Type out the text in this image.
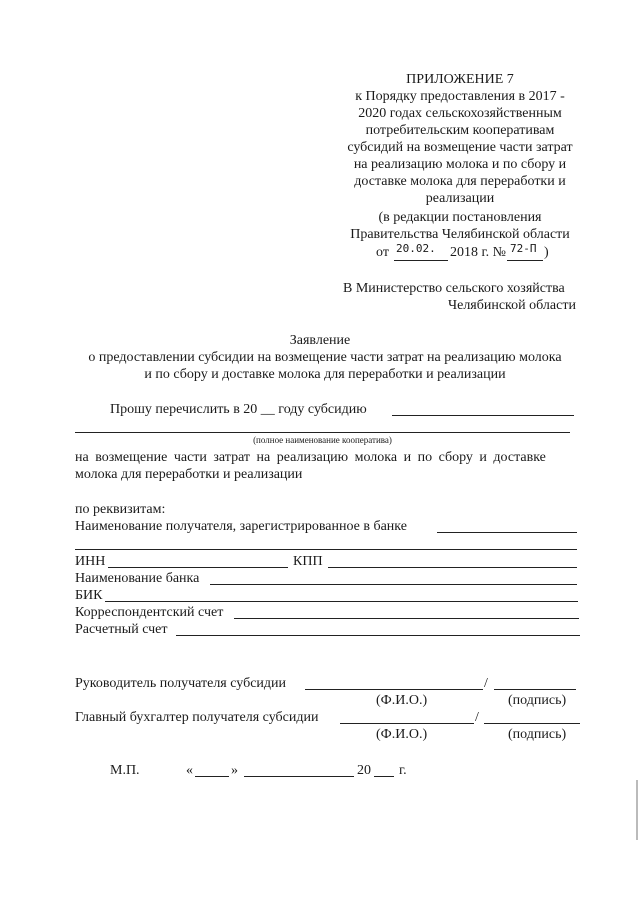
ПРИЛОЖЕНИЕ 7
к Порядку предоставления в 2017 -
2020 годах сельскохозяйственным
потребительским кооперативам
субсидий на возмещение части затрат
на реализацию молока и по сбору и
доставке молока для переработки и
реализации
(в редакции постановления
Правительства Челябинской области
от 20.02. 2018 г. № 72-П )
В Министерство сельского хозяйства
Челябинской области
Заявление
о предоставлении субсидии на возмещение части затрат на реализацию молока
и по сбору и доставке молока для переработки и реализации
Прошу перечислить в 20 __ году субсидию
(полное наименование кооператива)
на возмещение части затрат на реализацию молока и по сбору и доставке
молока для переработки и реализации
по реквизитам:
Наименование получателя, зарегистрированное в банке
ИНН	КПП
Наименование банка
БИК
Корреспондентский счет
Расчетный счет
Руководитель получателя субсидии	/
(Ф.И.О.)	(подпись)
Главный бухгалтер получателя субсидии	/
(Ф.И.О.)	(подпись)
М.П.	«	»	20 г.
